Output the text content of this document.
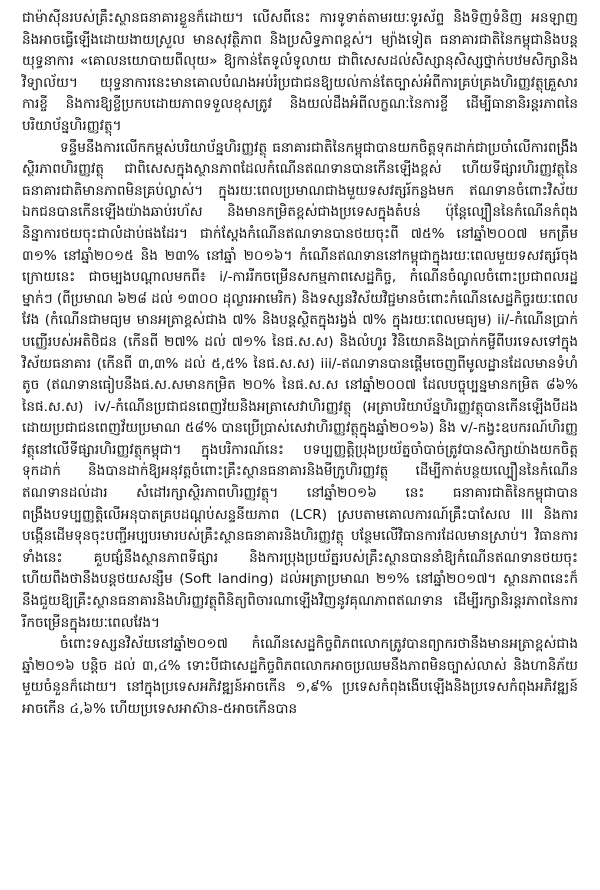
ជាម៉ាស៊ីនរបស់គ្រឹះស្ថានធនាគារខ្លួនក៏ដោយ។ លើសពីនេះ ការទូទាត់តាមរយៈទូរស័ព្ទ និងទិញទំនិញ អនឡាញ និងអាចធ្វើឡើងដោយងាយស្រួល មានសុវត្ថិភាព និងប្រសិទ្ធភាពខ្ពស់។ ម្យ៉ាងទៀត ធនាគារជាតិនៃកម្ពុជានិងបន្តយុទ្ធនាការ «គោលនយោបាយពីលុយ» ឱ្យកាន់តែទូលំទូលាយ ជាពិសេសដល់សិស្សានុសិស្សថ្នាក់បឋមសិក្សានិងវិទ្យាល័យ។ យុទ្ធនាការនេះមានគោលបំណងអប់រំប្រជាជនឱ្យយល់កាន់តែច្បាស់អំពីការគ្រប់គ្រងហិរញ្ញវត្ថុគ្រួសារ ការខ្ចី និងការឱ្យខ្ចីប្រកបដោយភាពទទួលខុសត្រូវ និងយល់ដឹងអំពីលក្ខណៈនៃការខ្ចី ដើម្បីធានានិរន្តរភាពនៃបរិយាប័ន្នហិរញ្ញវត្ថុ។

ទន្ទឹមនឹងការលើកកម្ពស់បរិយាប័ន្នហិរញ្ញវត្ថុ ធនាគារជាតិនៃកម្ពុជាបានយកចិត្តទុកដាក់ជាប្រចាំលើការពង្រឹងស្ថិរភាពហិរញ្ញវត្ថុ ជាពិសេសក្នុងស្ថានភាពដែលកំណើនឥណទានបានកើនឡើងខ្ពស់ ហើយទីផ្សារហិរញ្ញវត្ថុនៃធនាគារជាតិមានភាពមិនគ្រប់ល្លាស់។ ក្នុងរយៈពេលប្រមាណជាងមួយទសវត្សរ៍កន្លងមក ឥណទានចំពោះវិស័យឯកជនបានកើនឡើងយ៉ាងឆាប់រហ័ស និងមានកម្រិតខ្ពស់ជាងប្រទេសក្នុងតំបន់ ប៉ុន្តែល្បឿននៃកំណើនកំពុងនិន្នាការថយចុះជាលំដាប់ផងដែរ។ ជាក់ស្តែងកំណើនឥណទានបានថយចុះពី ៧៥% នៅឆ្នាំ២០០៧ មកត្រឹម ៣១% នៅឆ្នាំ២០១៥ និង ២៣% នៅឆ្នាំ ២០១៦។ កំណើនឥណទាននៅកម្ពុជាក្នុងរយៈពេលមួយទសវត្សរ៍ចុងក្រោយនេះ ជាចម្បងបណ្តាលមកពី៖ i/-ការរីកចម្រើនសកម្មភាពសេដ្ឋកិច្ច, កំណើនចំណូលចំពោះប្រជាពលរដ្ឋម្នាក់ៗ (ពីប្រមាណ ៦២៨ ដល់ ១៣០០ ដុល្លារអាមេរិក) និងទស្សនវិស័យវិជ្ជមានចំពោះកំណើនសេដ្ឋកិច្ចរយៈពេលវែង (កំណើនជាមធ្យម មានអត្រាខ្ពស់ជាង ៧% និងបន្ដស្ថិតក្នុងរង្វង់ ៧% ក្នុងរយៈពេលមធ្យម) ii/-កំណើនប្រាក់បញ្ញើរបស់អតិថិជន (កើនពី ២៧% ដល់ ៧១% នៃផ.ស.ស) និងលំហូរ វិនិយោគនិងប្រាក់កម្ចីពីបរទេសទៅក្នុងវិស័យធនាគារ (កើនពី ៣,៣% ដល់ ៥,៥% នៃផ.ស.ស) iii/-ឥណទានបានផ្តើមចេញពីមូលដ្ឋានដែលមានទំហំតូច (ឥណទានធៀបនឹងផ.ស.សមានកម្រិត ២០% នៃផ.ស.ស នៅឆ្នាំ២០០៧ ដែលបច្ចុប្បន្នមានកម្រិត ៨៦% នៃផ.ស.ស) iv/-កំណើនប្រជាជនពេញវ័យនិងអត្រាសេវាហិរញ្ញវត្ថុ (អត្រាបរិយាប័ន្នហិរញ្ញវត្ថុបានកើនឡើងបីដង ដោយប្រជាជនពេញវ័យប្រមាណ ៥៨% បានប្រើប្រាស់សេវាហិរញ្ញវត្ថុក្នុងឆ្នាំ២០១៦) និង v/-កង្វះឧបករណ៍ហិរញ្ញវត្ថុនៅលើទីផ្សារហិរញ្ញវត្ថុកម្ពុជា។ ក្នុងបរិការណ៍នេះ បទប្បញ្ញត្តិប្រុងប្រយ័ត្នចាំបាច់ត្រូវបានសិក្សាយ៉ាងយកចិត្តទុកដាក់ និងបានដាក់ឱ្យអនុវត្តចំពោះគ្រឹះស្ថានធនាគារនិងមីក្រូហិរញ្ញវត្ថុ ដើម្បីកាត់បន្ថយល្បឿននៃកំណើនឥណទានដល់ដារ សំដៅរក្សាស្ថិរភាពហិរញ្ញវត្ថុ។ នៅឆ្នាំ២០១៦ នេះ ធនាគារជាតិនៃកម្ពុជាបានពង្រឹងបទប្បញ្ញត្តិលើអនុបាតគ្របដណ្តប់សន្ទនីយភាព (LCR) ស្របតាមគោលការណ៍គ្រឹះបាសែល III និងការបង្កើនដើមទុនចុះបញ្ជីអប្បបរមារបស់គ្រឹះស្ថានធនាគារនិងហិរញ្ញវត្ថុ បន្ថែមលើវិធានការដែលមានស្រាប់។ វិធានការទាំងនេះ គួបផ្សំនឹងស្ថានភាពទីផ្សារ និងការប្រុងប្រយ័ត្នរបស់គ្រឹះស្ថានបាននាំឱ្យកំណើនឥណទានថយចុះ ហើយពឹងថានឹងបន្តថយសន្សឹម (Soft landing) ដល់អត្រាប្រមាណ ២១% នៅឆ្នាំ២០១៧។ ស្ថានភាពនេះក៏នឹងជួយឱ្យគ្រឹះស្ថានធនាគារនិងហិរញ្ញវត្ថុពិនិត្យពិចារណាឡើងវិញនូវគុណភាពឥណទាន ដើម្បីរក្សានិរន្តរភាពនៃការរីកចម្រើនក្នុងរយៈពេលវែង។

ចំពោះទស្សនវិស័យនៅឆ្នាំ២០១៧ កំណើនសេដ្ឋកិច្ចពិភពលោកត្រូវបានព្យាករថានឹងមានអត្រាខ្ពស់ជាងឆ្នាំ២០១៦ បន្តិច ដល់ ៣,៤% ទោះបីជាសេដ្ឋកិច្ចពិភពលោកអាចប្រឈមនឹងភាពមិនច្បាស់លាស់ និងហានិភ័យមួយចំនួនក៏ដោយ។ នៅក្នុងប្រទេសអភិវឌ្ឍន៍អាចកើន ១,៩% ប្រទេសកំពុងងើបឡើងនិងប្រទេសកំពុងអភិវឌ្ឍន៍អាចកើន ៤,៦% ហើយប្រទេសអាស៊ាន-៥អាចកើនបាន
